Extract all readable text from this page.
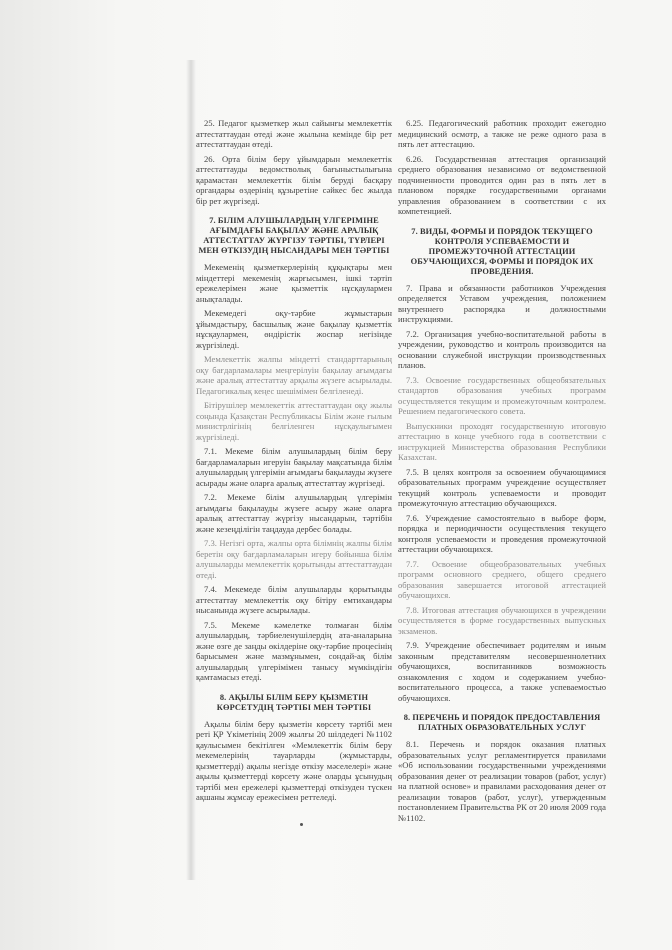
25. Педагог қызметкер жыл сайынғы мемлекеттік аттестаттаудан өтеді және жылына кемінде бір рет аттестаттаудан өтеді.

26. Орта білім беру ұйымдарын мемлекеттік аттестаттауды ведомстволық бағыныстылығына қарамастан мемлекеттік білім беруді басқару органдары өздерінің құзыретіне сәйкес бес жылда бір рет жүргізеді.

7. БІЛІМ АЛУШЫЛАРДЫҢ ҮЛГЕРІМІНЕ АҒЫМДАҒЫ БАҚЫЛАУ ЖӘНЕ АРАЛЫҚ АТТЕСТАТТАУ ЖҮРГІЗУ ТӘРТІБІ, ТҮРЛЕРІ МЕН ӨТКІЗУДІҢ НЫСАНДАРЫ МЕН ТӘРТІБІ

Мекеменің қызметкерлерінің құқықтары мен міндеттері мекеменің жарғысымен, ішкі тәртіп ережелерімен және қызметтік нұсқаулармен анықталады.

Мекемедегі оқу-тәрбие жұмыстарын ұйымдастыру, басшылық және бақылау қызметтік нұсқаулармен, өндірістік жоспар негізінде жүргізіледі.

Мемлекеттік жалпы міндетті стандарттарының оқу бағдарламалары меңгерілуін бақылау ағымдағы және аралық аттестаттау арқылы жүзеге асырылады. Педагогикалық кеңес шешімімен белгіленеді.

Бітірушілер мемлекеттік аттестаттаудан оқу жылы соңында Қазақстан Республикасы Білім және ғылым министрлігінің белгіленген нұсқаулығымен жүргізіледі.

7.1. Мекеме білім алушылардың білім беру бағдарламаларын игеруін бақылау мақсатында білім алушылардың үлгерімін ағымдағы бақылауды жүзеге асырады және оларға аралық аттестаттау жүргізеді.

7.2. Мекеме білім алушылардың үлгерімін ағымдағы бақылауды жүзеге асыру және оларға аралық аттестаттау жүргізу нысандарын, тәртібін және кезеңділігін таңдауда дербес болады.

7.3. Негізгі орта, жалпы орта білімнің жалпы білім беретін оқу бағдарламаларын игеру бойынша білім алушыларды мемлекеттік қорытынды аттестаттаудан өтеді.

7.4. Мекемеде білім алушыларды қорытынды аттестаттау мемлекеттік оқу бітіру емтихандары нысанында жүзеге асырылады.

7.5. Мекеме кәмелетке толмаған білім алушылардың, тәрбиеленушілердің ата-аналарына және өзге де заңды өкілдеріне оқу-тәрбие процесінің барысымен және мазмұнымен, сондай-ақ білім алушылардың үлгерімімен танысу мүмкіндігін қамтамасыз етеді.

8. АҚЫЛЫ БІЛІМ БЕРУ ҚЫЗМЕТІН КӨРСЕТУДІҢ ТӘРТІБІ МЕН ТӘРТІБІ

Ақылы білім беру қызметін көрсету тәртібі мен реті ҚР Үкіметінің 2009 жылғы 20 шілдедегі №1102 қаулысымен бекітілген «Мемлекеттік білім беру мекемелерінің тауарларды (жұмыстарды, қызметтерді) ақылы негізде өткізу мәселелері» және ақылы қызметтерді көрсету және оларды ұсынудың тәртібі мен ережелері қызметтерді өткізуден түскен ақшаны жұмсау ережесімен реттеледі.

6.25. Педагогический работник проходит ежегодно медицинский осмотр, а также не реже одного раза в пять лет аттестацию.

6.26. Государственная аттестация организаций среднего образования независимо от ведомственной подчиненности проводится один раз в пять лет в плановом порядке государственными органами управления образованием в соответствии с их компетенцией.

7. ВИДЫ, ФОРМЫ И ПОРЯДОК ТЕКУЩЕГО КОНТРОЛЯ УСПЕВАЕМОСТИ И ПРОМЕЖУТОЧНОЙ АТТЕСТАЦИИ ОБУЧАЮЩИХСЯ, ФОРМЫ И ПОРЯДОК ИХ ПРОВЕДЕНИЯ.

7. Права и обязанности работников Учреждения определяется Уставом учреждения, положением внутреннего распорядка и должностными инструкциями.

7.2. Организация учебно-воспитательной работы в учреждении, руководство и контроль производится на основании служебной инструкции производственных планов.

7.3. Освоение государственных общеобязательных стандартов образования учебных программ осуществляется текущим и промежуточным контролем. Решением педагогического совета.

Выпускники проходят государственную итоговую аттестацию в конце учебного года в соответствии с инструкцией Министерства образования Республики Казахстан.

7.5. В целях контроля за освоением обучающимися образовательных программ учреждение осуществляет текущий контроль успеваемости и проводит промежуточную аттестацию обучающихся.

7.6. Учреждение самостоятельно в выборе форм, порядка и периодичности осуществления текущего контроля успеваемости и проведения промежуточной аттестации обучающихся.

7.7. Освоение общеобразовательных учебных программ основного среднего, общего среднего образования завершается итоговой аттестацией обучающихся.

7.8. Итоговая аттестация обучающихся в учреждении осуществляется в форме государственных выпускных экзаменов.

7.9. Учреждение обеспечивает родителям и иным законным представителям несовершеннолетних обучающихся, воспитанников возможность ознакомления с ходом и содержанием учебно-воспитательного процесса, а также успеваемостью обучающихся.

8. ПЕРЕЧЕНЬ И ПОРЯДОК ПРЕДОСТАВЛЕНИЯ ПЛАТНЫХ ОБРАЗОВАТЕЛЬНЫХ УСЛУГ

8.1. Перечень и порядок оказания платных образовательных услуг регламентируется правилами «Об использовании государственными учреждениями образования денег от реализации товаров (работ, услуг) на платной основе» и правилами расходования денег от реализации товаров (работ, услуг), утвержденным постановлением Правительства РК от 20 июля 2009 года №1102.
